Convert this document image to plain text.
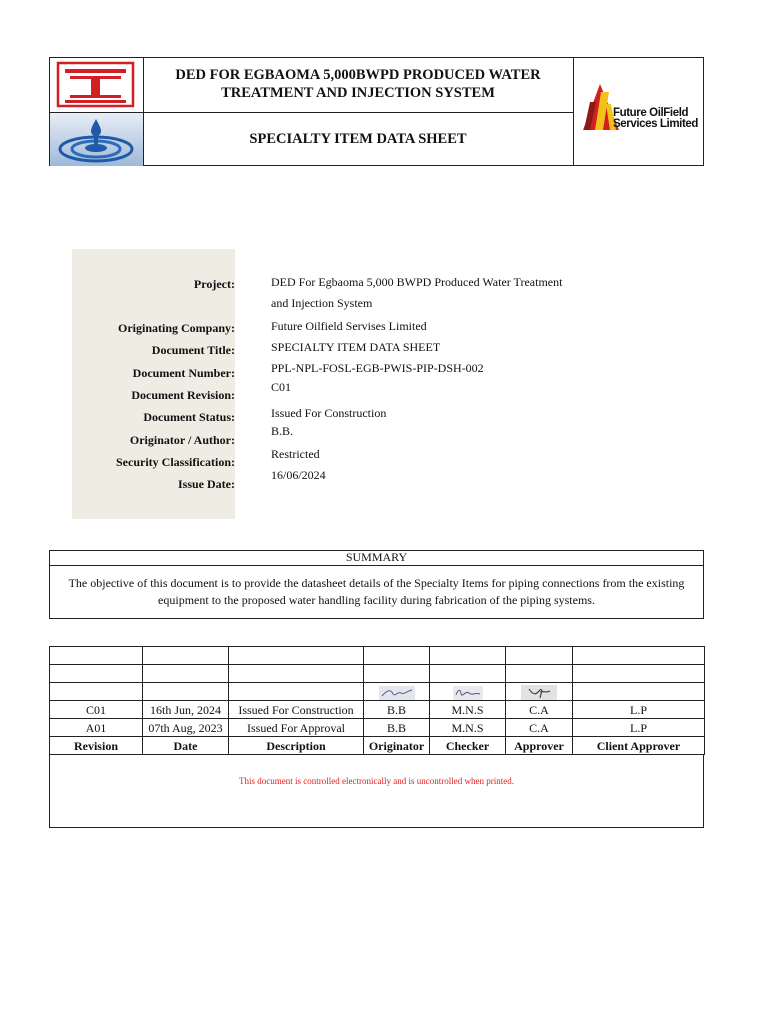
DED FOR EGBAOMA 5,000BWPD PRODUCED WATER
TREATMENT AND INJECTION SYSTEM
SPECIALTY ITEM DATA SHEET
Future OilField
Services Limited
Project:	DED For Egbaoma 5,000 BWPD Produced Water Treatment
and Injection System
Originating Company:	Future Oilfield Servises Limited
Document Title:	SPECIALTY ITEM DATA SHEET
Document Number:	PPL-NPL-FOSL-EGB-PWIS-PIP-DSH-002
Document Revision:
C01
Document Status:	Issued For Construction
Originator / Author:
B.B.
Security Classification:
Restricted
Issue Date:
16/06/2024
SUMMARY
The objective of this document is to provide the datasheet details of the Specialty Items for piping connections from the existing
equipment to the proposed water handling facility during fabrication of the piping systems.

C01	16th Jun, 2024	Issued For Construction	B.B	M.N.S	C.A	L.P
A01	07th Aug, 2023	Issued For Approval	B.B	M.N.S	C.A	L.P
Revision	Date	Description	Originator	Checker	Approver	Client Approver
This document is controlled electronically and is uncontrolled when printed.
